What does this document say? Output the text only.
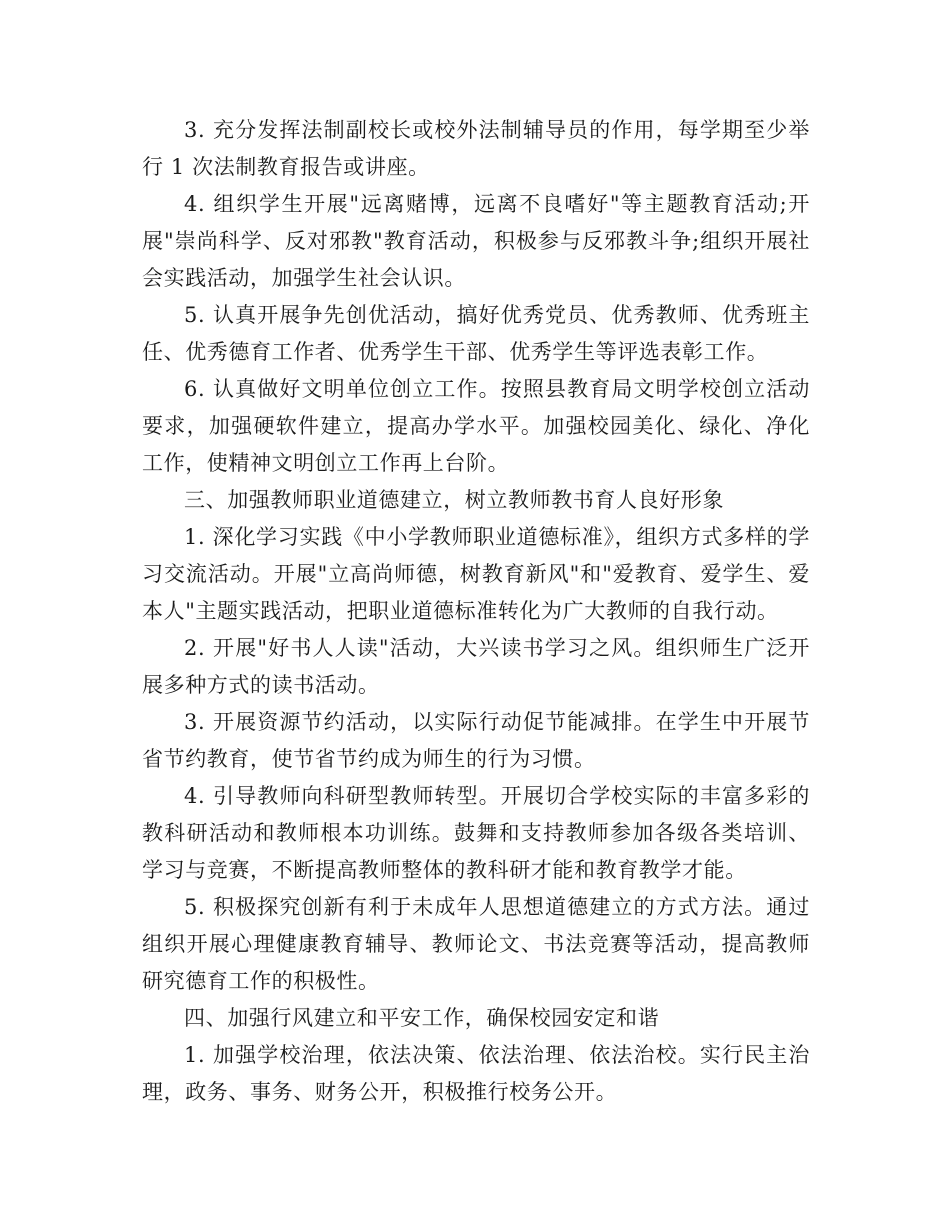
3. 充分发挥法制副校长或校外法制辅导员的作用，每学期至少举行 1 次法制教育报告或讲座。

4. 组织学生开展"远离赌博，远离不良嗜好"等主题教育活动;开展"崇尚科学、反对邪教"教育活动，积极参与反邪教斗争;组织开展社会实践活动，加强学生社会认识。

5. 认真开展争先创优活动，搞好优秀党员、优秀教师、优秀班主任、优秀德育工作者、优秀学生干部、优秀学生等评选表彰工作。

6. 认真做好文明单位创立工作。按照县教育局文明学校创立活动要求，加强硬软件建立，提高办学水平。加强校园美化、绿化、净化工作，使精神文明创立工作再上台阶。

三、加强教师职业道德建立，树立教师教书育人良好形象

1. 深化学习实践《中小学教师职业道德标准》，组织方式多样的学习交流活动。开展"立高尚师德，树教育新风"和"爱教育、爱学生、爱本人"主题实践活动，把职业道德标准转化为广大教师的自我行动。

2. 开展"好书人人读"活动，大兴读书学习之风。组织师生广泛开展多种方式的读书活动。

3. 开展资源节约活动，以实际行动促节能减排。在学生中开展节省节约教育，使节省节约成为师生的行为习惯。

4. 引导教师向科研型教师转型。开展切合学校实际的丰富多彩的教科研活动和教师根本功训练。鼓舞和支持教师参加各级各类培训、学习与竞赛，不断提高教师整体的教科研才能和教育教学才能。

5. 积极探究创新有利于未成年人思想道德建立的方式方法。通过组织开展心理健康教育辅导、教师论文、书法竞赛等活动，提高教师研究德育工作的积极性。

四、加强行风建立和平安工作，确保校园安定和谐

1. 加强学校治理，依法决策、依法治理、依法治校。实行民主治理，政务、事务、财务公开，积极推行校务公开。
